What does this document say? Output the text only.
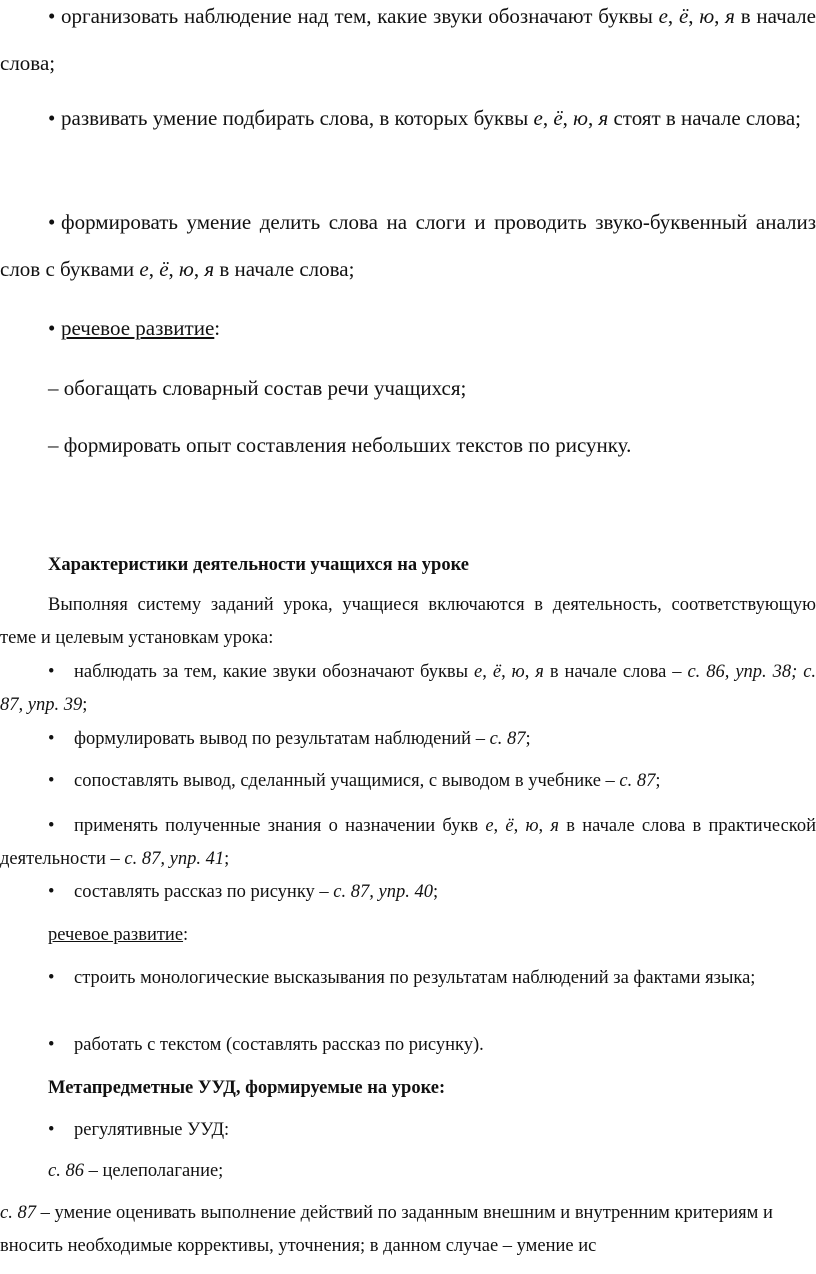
• организовать наблюдение над тем, какие звуки обозначают буквы е, ё, ю, я в начале слова;

• развивать умение подбирать слова, в которых буквы е, ё, ю, я стоят в начале слова;

• формировать умение делить слова на слоги и проводить звуко-буквенный анализ слов с буквами е, ё, ю, я в начале слова;

• речевое развитие:

– обогащать словарный состав речи учащихся;

– формировать опыт составления небольших текстов по рисунку.

Характеристики деятельности учащихся на уроке

Выполняя систему заданий урока, учащиеся включаются в деятельность, соответствующую теме и целевым установкам урока:

• наблюдать за тем, какие звуки обозначают буквы е, ё, ю, я в начале слова – с. 86, упр. 38; с. 87, упр. 39;

• формулировать вывод по результатам наблюдений – с. 87;

• сопоставлять вывод, сделанный учащимися, с выводом в учебнике – с. 87;

• применять полученные знания о назначении букв е, ё, ю, я в начале слова в практической деятельности – с. 87, упр. 41;

• составлять рассказ по рисунку – с. 87, упр. 40;

речевое развитие:

• строить монологические высказывания по результатам наблюдений за фактами языка;

• работать с текстом (составлять рассказ по рисунку).

Метапредметные УУД, формируемые на уроке:

• регулятивные УУД:

с. 86 – целеполагание;

с. 87 – умение оценивать выполнение действий по заданным внешним и внутренним критериям и вносить необходимые коррективы, уточнения; в данном случае – умение ис
